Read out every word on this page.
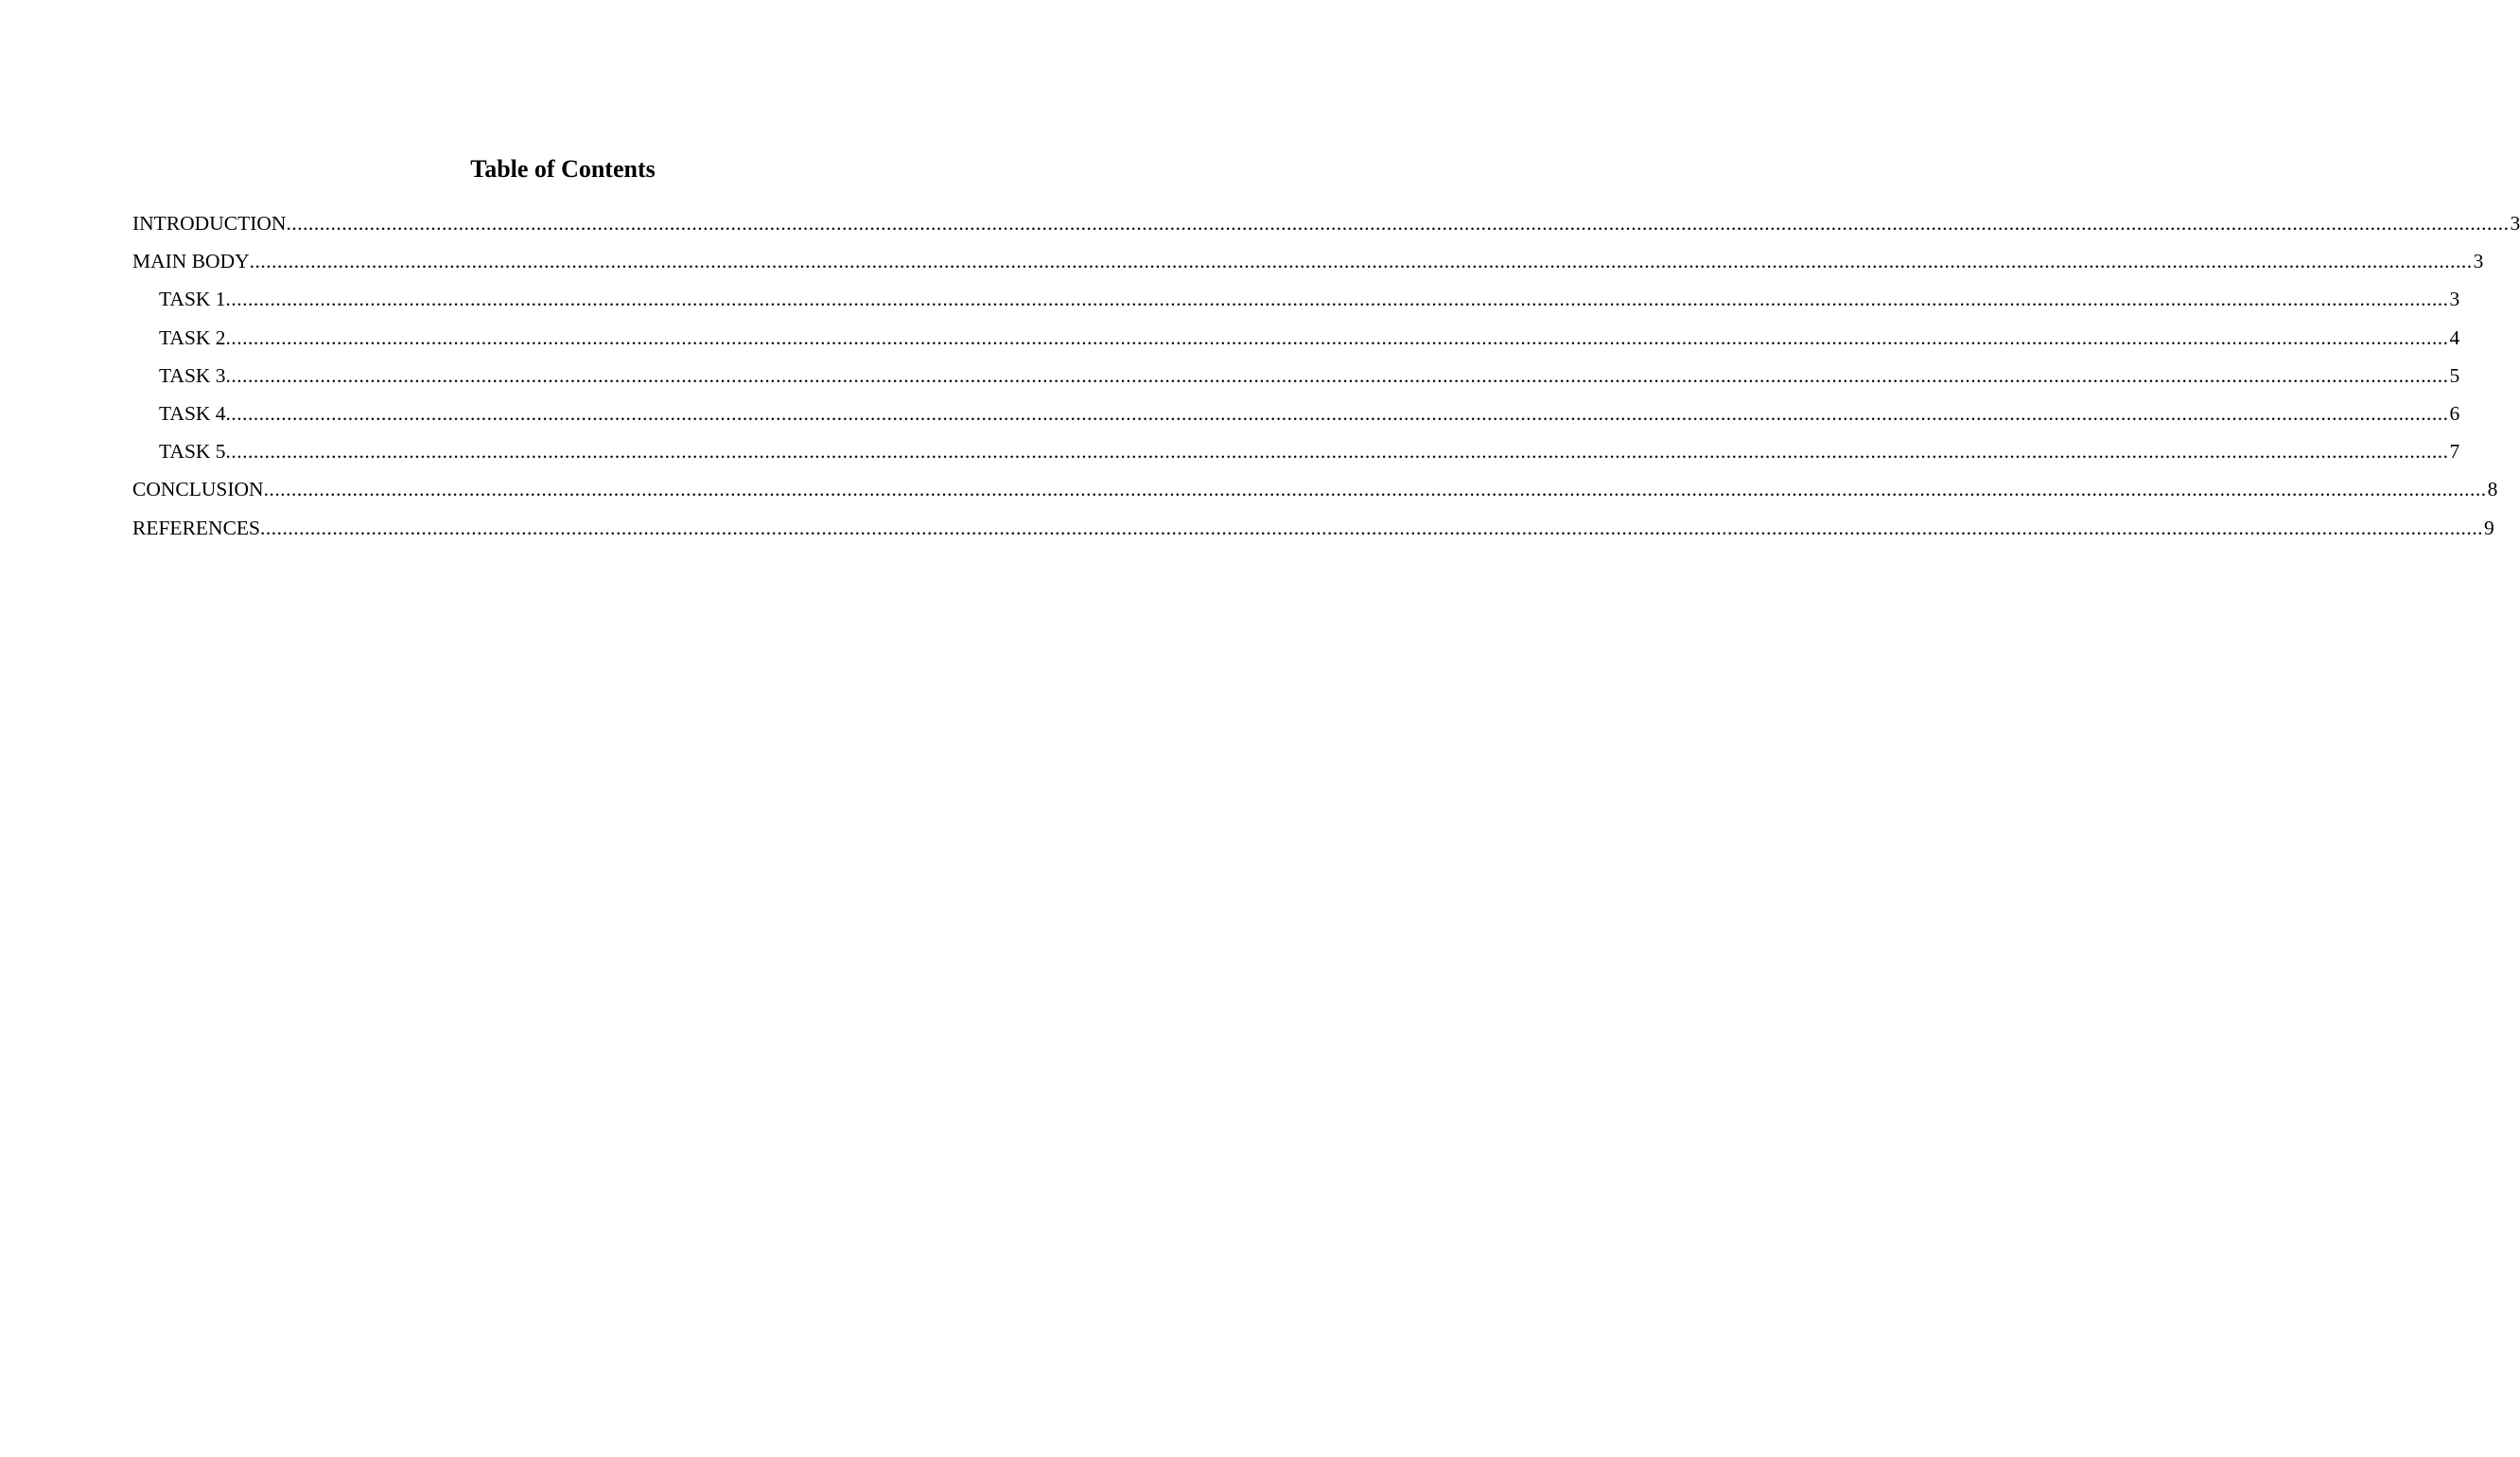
Table of Contents
INTRODUCTION ................................................................................................................................................................................................................................................................................................................................................................................................................ 3
MAIN BODY ................................................................................................................................................................................................................................................................................................................................................................................................................ 3
TASK 1 ................................................................................................................................................................................................................................................................................................................................................................................................................ 3
TASK 2 ................................................................................................................................................................................................................................................................................................................................................................................................................ 4
TASK 3 ................................................................................................................................................................................................................................................................................................................................................................................................................ 5
TASK 4 ................................................................................................................................................................................................................................................................................................................................................................................................................ 6
TASK 5 ................................................................................................................................................................................................................................................................................................................................................................................................................ 7
CONCLUSION ................................................................................................................................................................................................................................................................................................................................................................................................................ 8
REFERENCES ................................................................................................................................................................................................................................................................................................................................................................................................................ 9
